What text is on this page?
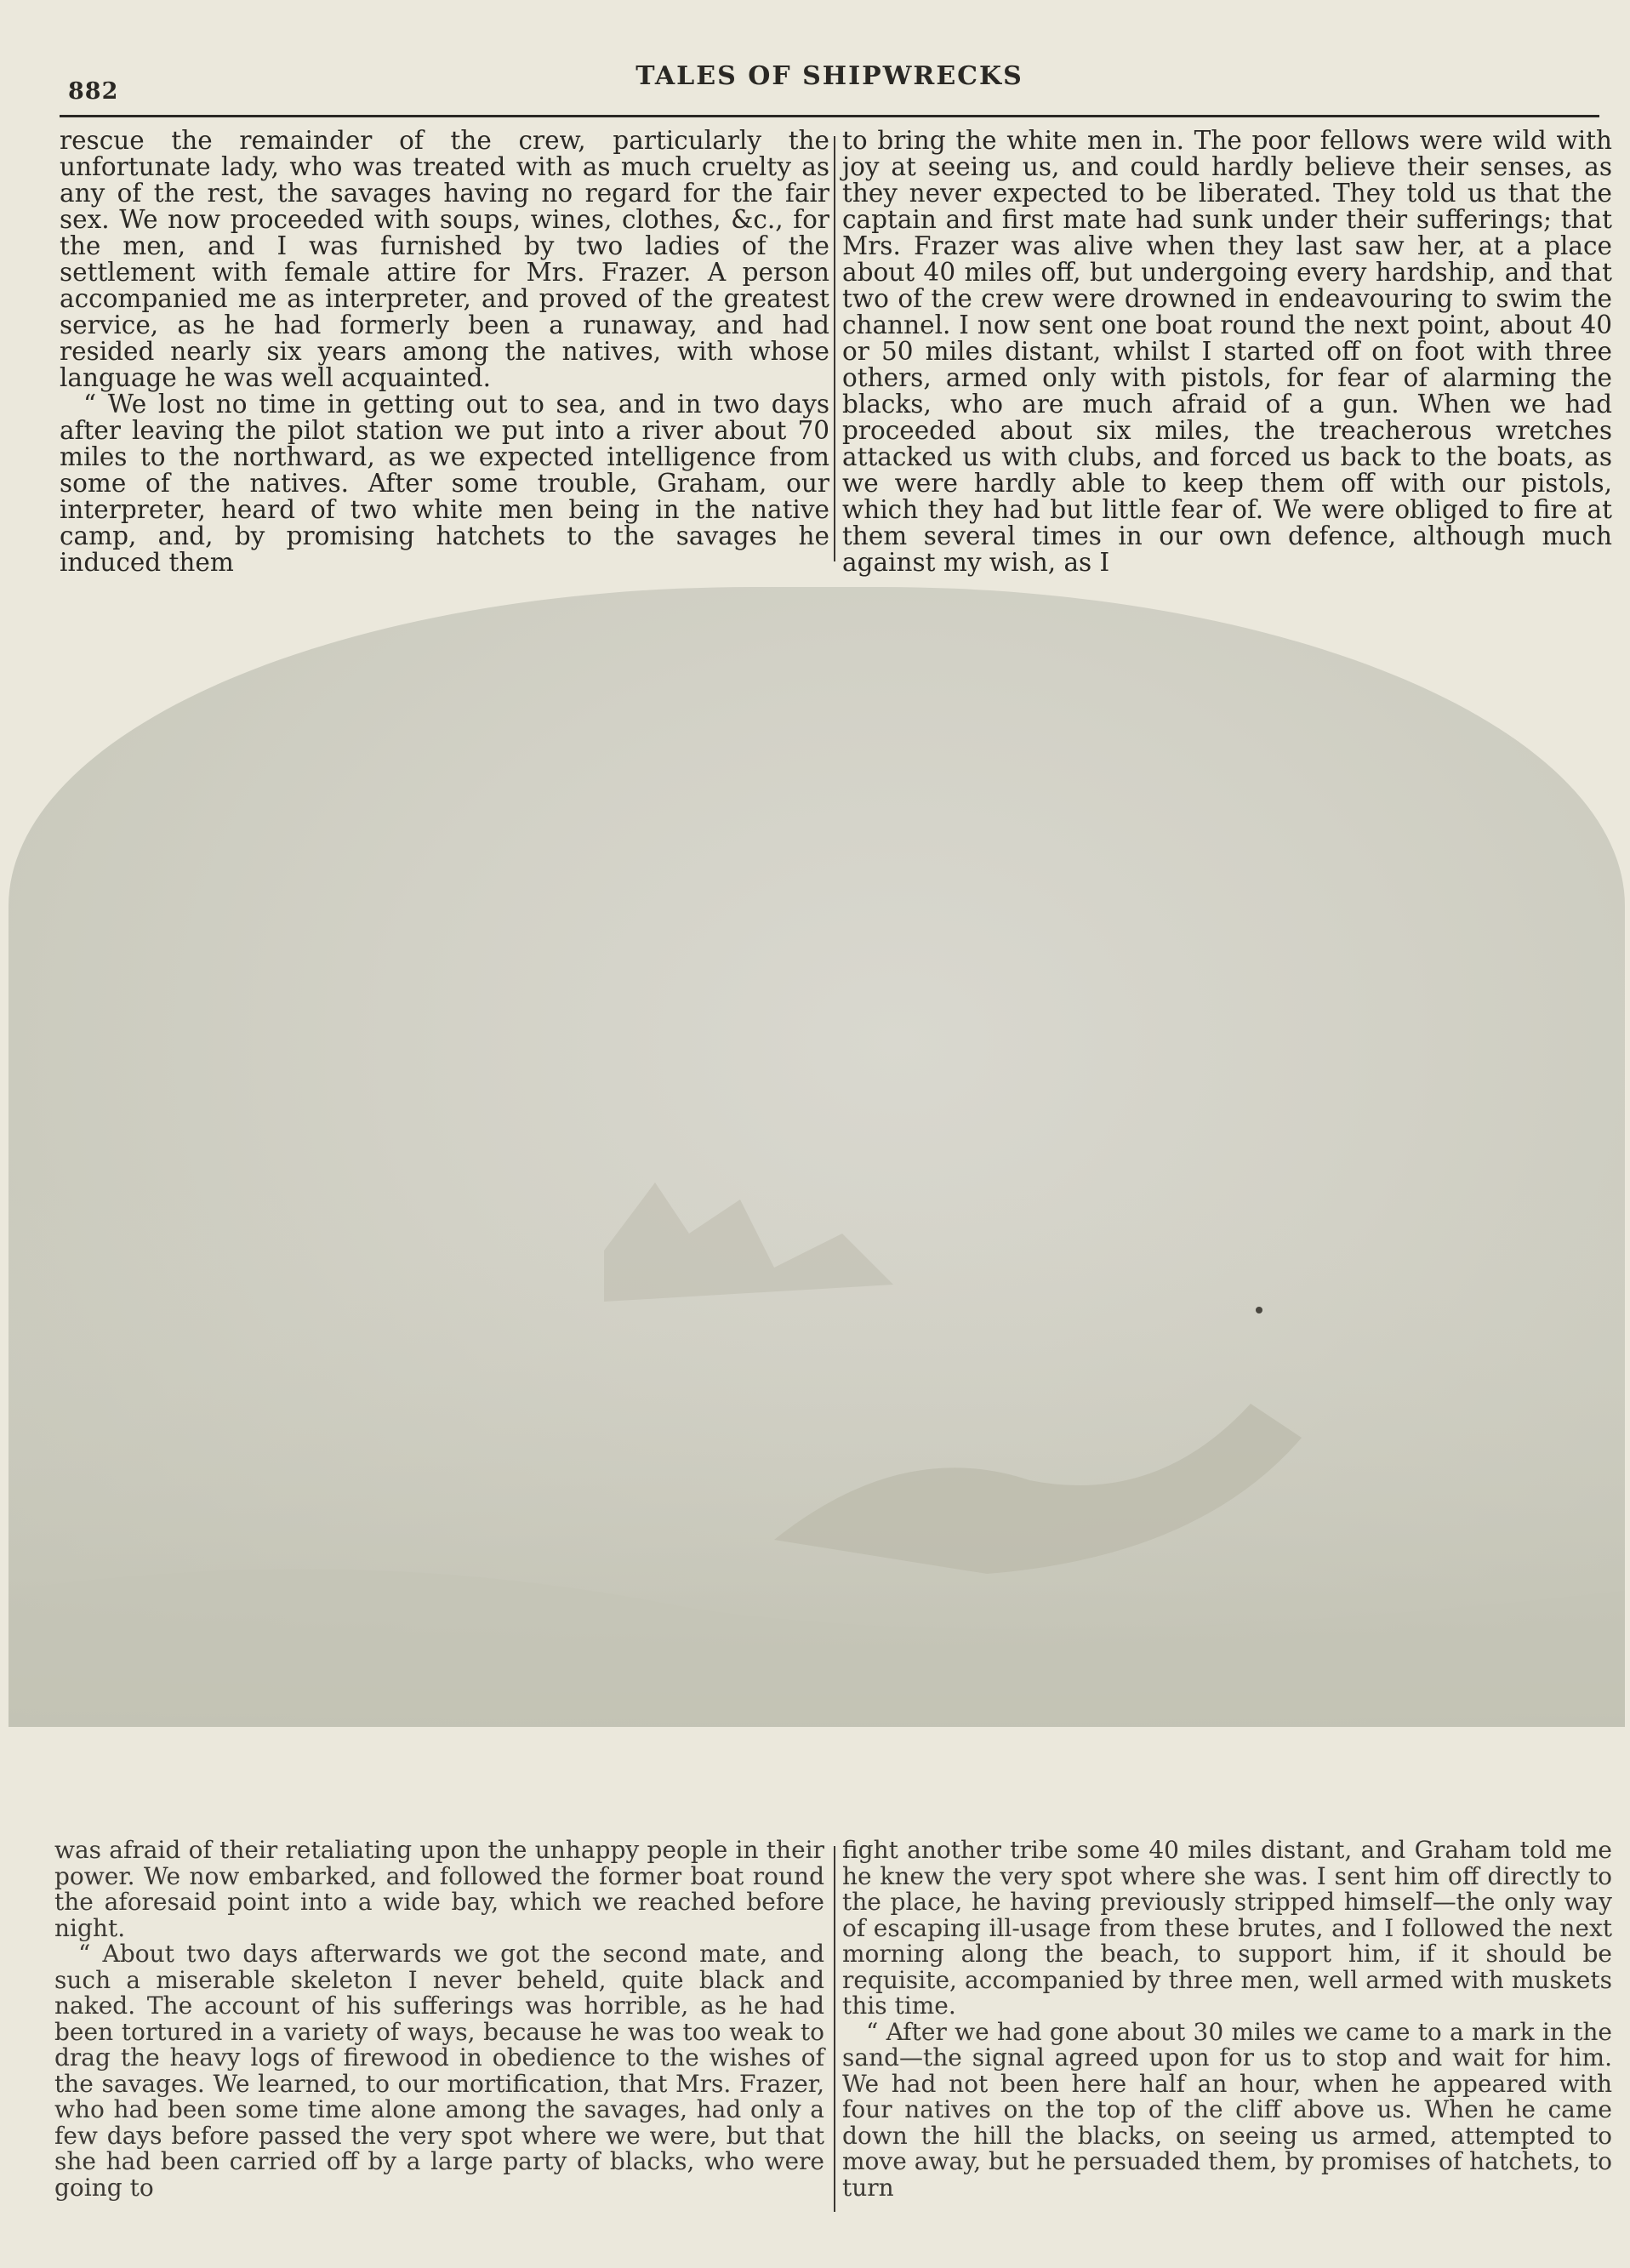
882
TALES OF SHIPWRECKS

rescue the remainder of the crew, particularly the unfortunate lady, who was treated with as much cruelty as any of the rest, the savages having no regard for the fair sex. We now proceeded with soups, wines, clothes, &c., for the men, and I was furnished by two ladies of the settlement with female attire for Mrs. Frazer. A person accompanied me as interpreter, and proved of the greatest service, as he had formerly been a runaway, and had resided nearly six years among the natives, with whose language he was well acquainted.

“ We lost no time in getting out to sea, and in two days after leaving the pilot station we put into a river about 70 miles to the northward, as we expected intelligence from some of the natives. After some trouble, Graham, our interpreter, heard of two white men being in the native camp, and, by promising hatchets to the savages he induced them

to bring the white men in. The poor fellows were wild with joy at seeing us, and could hardly believe their senses, as they never expected to be liberated. They told us that the captain and first mate had sunk under their sufferings; that Mrs. Frazer was alive when they last saw her, at a place about 40 miles off, but undergoing every hardship, and that two of the crew were drowned in endeavouring to swim the channel. I now sent one boat round the next point, about 40 or 50 miles distant, whilst I started off on foot with three others, armed only with pistols, for fear of alarming the blacks, who are much afraid of a gun. When we had proceeded about six miles, the treacherous wretches attacked us with clubs, and forced us back to the boats, as we were hardly able to keep them off with our pistols, which they had but little fear of. We were obliged to fire at them several times in our own defence, although much against my wish, as I

was afraid of their retaliating upon the unhappy people in their power. We now embarked, and followed the former boat round the aforesaid point into a wide bay, which we reached before night.

“ About two days afterwards we got the second mate, and such a miserable skeleton I never beheld, quite black and naked. The account of his sufferings was horrible, as he had been tortured in a variety of ways, because he was too weak to drag the heavy logs of firewood in obedience to the wishes of the savages. We learned, to our mortification, that Mrs. Frazer, who had been some time alone among the savages, had only a few days before passed the very spot where we were, but that she had been carried off by a large party of blacks, who were going to

fight another tribe some 40 miles distant, and Graham told me he knew the very spot where she was. I sent him off directly to the place, he having previously stripped himself—the only way of escaping ill-usage from these brutes, and I followed the next morning along the beach, to support him, if it should be requisite, accompanied by three men, well armed with muskets this time.

“ After we had gone about 30 miles we came to a mark in the sand—the signal agreed upon for us to stop and wait for him. We had not been here half an hour, when he appeared with four natives on the top of the cliff above us. When he came down the hill the blacks, on seeing us armed, attempted to move away, but he persuaded them, by promises of hatchets, to turn
